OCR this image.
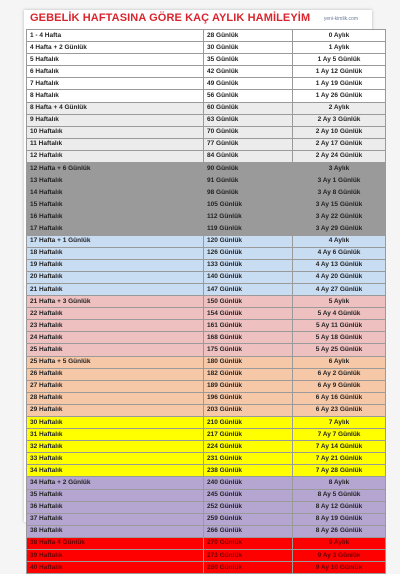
GEBELİK HAFTASINA GÖRE KAÇ AYLIK HAMİLEYİM	yeni-kimlik.com
1 - 4 Hafta	28 Günlük	0 Aylık
4 Hafta + 2 Günlük	30 Günlük	1 Aylık
5 Haftalık	35 Günlük	1 Ay 5 Günlük
6 Haftalık	42 Günlük	1 Ay 12 Günlük
7 Haftalık	49 Günlük	1 Ay 19 Günlük
8 Haftalık	56 Günlük	1 Ay 26 Günlük
8 Hafta + 4 Günlük	60 Günlük	2 Aylık
9 Haftalık	63 Günlük	2 Ay 3 Günlük
10 Haftalık	70 Günlük	2 Ay 10 Günlük
11 Haftalık	77 Günlük	2 Ay 17 Günlük
12 Haftalık	84 Günlük	2 Ay 24 Günlük
12 Hafta + 6 Günlük	90 Günlük	3 Aylık
13 Haftalık	91 Günlük	3 Ay 1 Günlük
14 Haftalık	98 Günlük	3 Ay 8 Günlük
15 Haftalık	105 Günlük	3 Ay 15 Günlük
16 Haftalık	112 Günlük	3 Ay 22 Günlük
17 Haftalık	119 Günlük	3 Ay 29 Günlük
17 Hafta + 1 Günlük	120 Günlük	4 Aylık
18 Haftalık	126 Günlük	4 Ay 6 Günlük
19 Haftalık	133 Günlük	4 Ay 13 Günlük
20 Haftalık	140 Günlük	4 Ay 20 Günlük
21 Haftalık	147 Günlük	4 Ay 27 Günlük
21 Hafta + 3 Günlük	150 Günlük	5 Aylık
22 Haftalık	154 Günlük	5 Ay 4 Günlük
23 Haftalık	161 Günlük	5 Ay 11 Günlük
24 Haftalık	168 Günlük	5 Ay 18 Günlük
25 Haftalık	175 Günlük	5 Ay 25 Günlük
25 Hafta + 5 Günlük	180 Günlük	6 Aylık
26 Haftalık	182 Günlük	6 Ay 2 Günlük
27 Haftalık	189 Günlük	6 Ay 9 Günlük
28 Haftalık	196 Günlük	6 Ay 16 Günlük
29 Haftalık	203 Günlük	6 Ay 23 Günlük
30 Haftalık	210 Günlük	7 Aylık
31 Haftalık	217 Günlük	7 Ay 7 Günlük
32 Haftalık	224 Günlük	7 Ay 14 Günlük
33 Haftalık	231 Günlük	7 Ay 21 Günlük
34 Haftalık	238 Günlük	7 Ay 28 Günlük
34 Hafta + 2 Günlük	240 Günlük	8 Aylık
35 Haftalık	245 Günlük	8 Ay 5 Günlük
36 Haftalık	252 Günlük	8 Ay 12 Günlük
37 Haftalık	259 Günlük	8 Ay 19 Günlük
38 Haftalık	266 Günlük	8 Ay 26 Günlük
38 Hafta 4 Günlük	270 Günlük	9 Aylık
39 Haftalık	273 Günlük	9 Ay 3 Günlük
40 Haftalık	280 Günlük	9 Ay 10 Günlük
